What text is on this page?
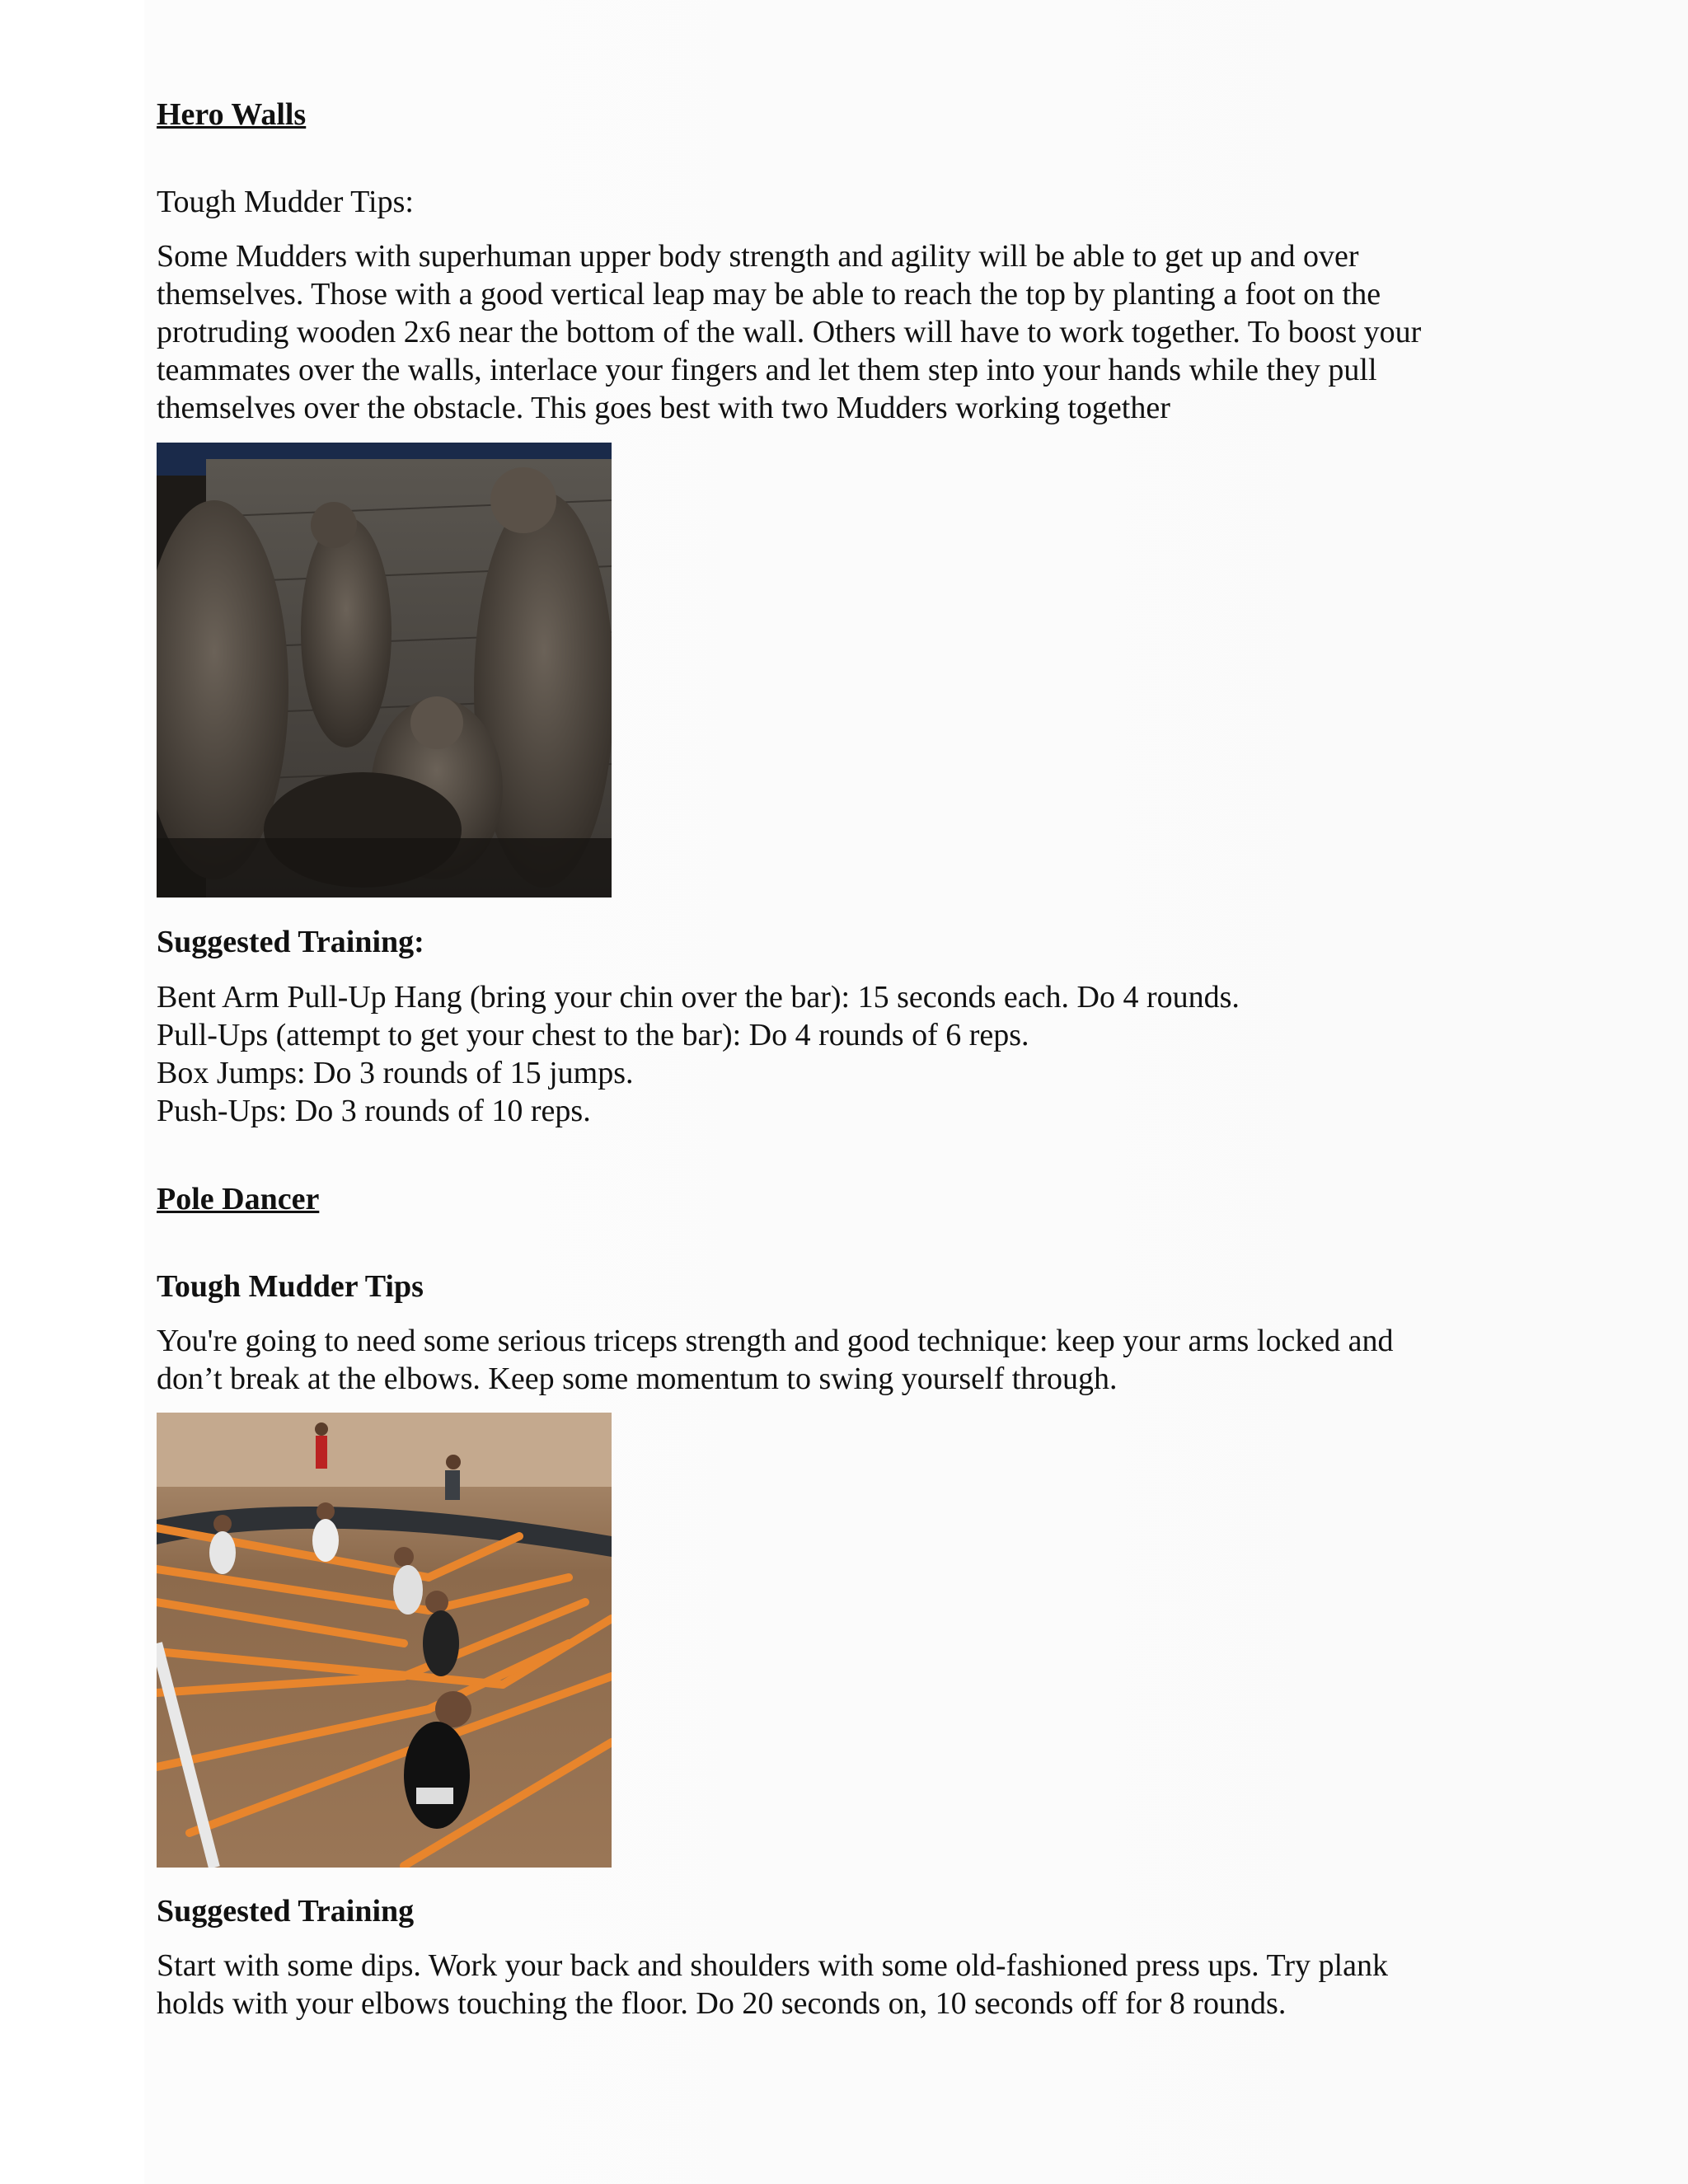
Hero Walls

Tough Mudder Tips:

Some Mudders with superhuman upper body strength and agility will be able to get up and over
themselves. Those with a good vertical leap may be able to reach the top by planting a foot on the
protruding wooden 2x6 near the bottom of the wall. Others will have to work together. To boost your
teammates over the walls, interlace your fingers and let them step into your hands while they pull
themselves over the obstacle. This goes best with two Mudders working together

Suggested Training:

Bent Arm Pull-Up Hang (bring your chin over the bar): 15 seconds each. Do 4 rounds.
Pull-Ups (attempt to get your chest to the bar): Do 4 rounds of 6 reps.
Box Jumps: Do 3 rounds of 15 jumps.
Push-Ups: Do 3 rounds of 10 reps.

Pole Dancer

Tough Mudder Tips

You're going to need some serious triceps strength and good technique: keep your arms locked and
don’t break at the elbows. Keep some momentum to swing yourself through.

Suggested Training

Start with some dips. Work your back and shoulders with some old-fashioned press ups. Try plank
holds with your elbows touching the floor. Do 20 seconds on, 10 seconds off for 8 rounds.
